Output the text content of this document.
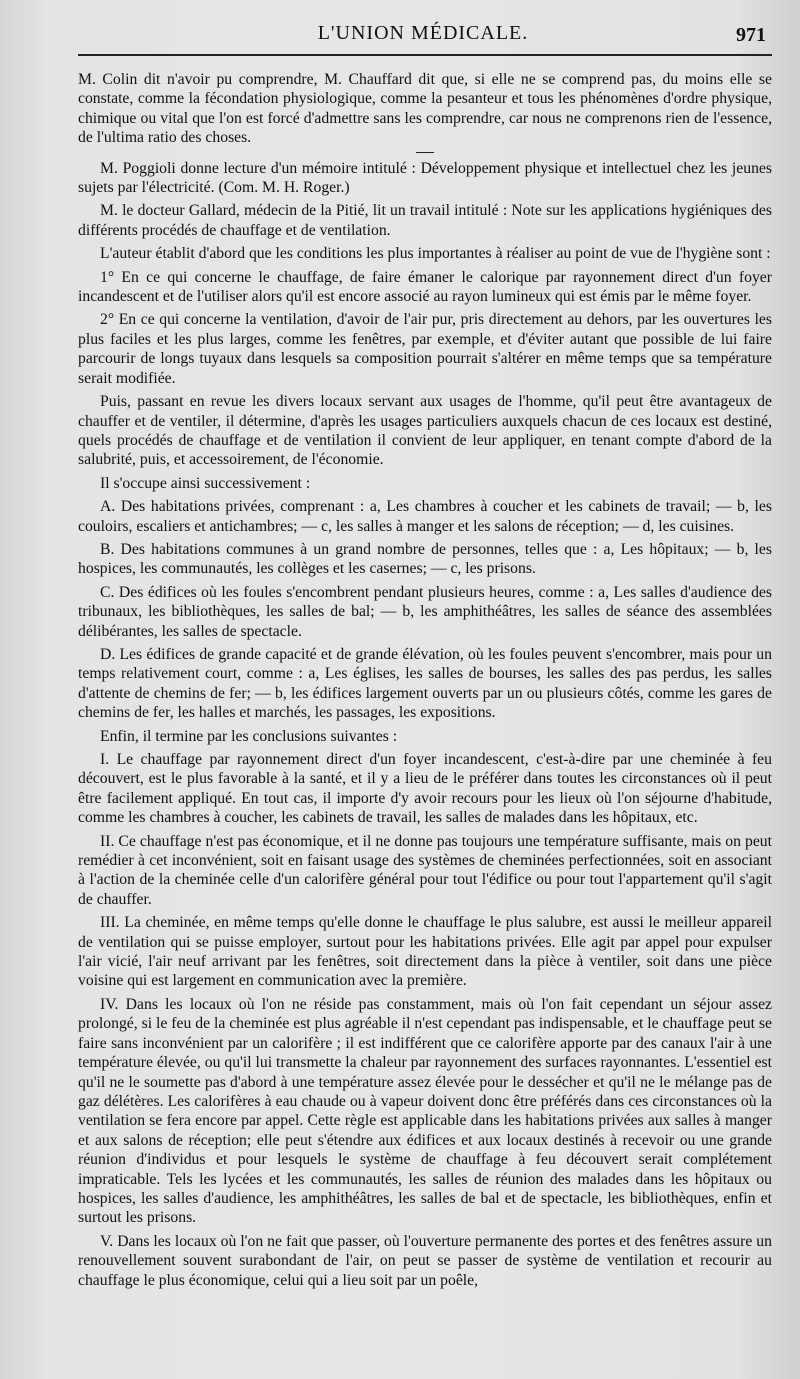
L'UNION MÉDICALE.	971

M. Colin dit n'avoir pu comprendre, M. Chauffard dit que, si elle ne se comprend pas, du moins elle se constate, comme la fécondation physiologique, comme la pesanteur et tous les phénomènes d'ordre physique, chimique ou vital que l'on est forcé d'admettre sans les comprendre, car nous ne comprenons rien de l'essence, de l'ultima ratio des choses.

M. Poggioli donne lecture d'un mémoire intitulé : Développement physique et intellectuel chez les jeunes sujets par l'électricité. (Com. M. H. Roger.)

M. le docteur Gallard, médecin de la Pitié, lit un travail intitulé : Note sur les applications hygiéniques des différents procédés de chauffage et de ventilation.

L'auteur établit d'abord que les conditions les plus importantes à réaliser au point de vue de l'hygiène sont :

1° En ce qui concerne le chauffage, de faire émaner le calorique par rayonnement direct d'un foyer incandescent et de l'utiliser alors qu'il est encore associé au rayon lumineux qui est émis par le même foyer.

2° En ce qui concerne la ventilation, d'avoir de l'air pur, pris directement au dehors, par les ouvertures les plus faciles et les plus larges, comme les fenêtres, par exemple, et d'éviter autant que possible de lui faire parcourir de longs tuyaux dans lesquels sa composition pourrait s'altérer en même temps que sa température serait modifiée.

Puis, passant en revue les divers locaux servant aux usages de l'homme, qu'il peut être avantageux de chauffer et de ventiler, il détermine, d'après les usages particuliers auxquels chacun de ces locaux est destiné, quels procédés de chauffage et de ventilation il convient de leur appliquer, en tenant compte d'abord de la salubrité, puis, et accessoirement, de l'économie.

Il s'occupe ainsi successivement :

A. Des habitations privées, comprenant : a, Les chambres à coucher et les cabinets de travail; — b, les couloirs, escaliers et antichambres; — c, les salles à manger et les salons de réception; — d, les cuisines.

B. Des habitations communes à un grand nombre de personnes, telles que : a, Les hôpitaux; — b, les hospices, les communautés, les collèges et les casernes; — c, les prisons.

C. Des édifices où les foules s'encombrent pendant plusieurs heures, comme : a, Les salles d'audience des tribunaux, les bibliothèques, les salles de bal; — b, les amphithéâtres, les salles de séance des assemblées délibérantes, les salles de spectacle.

D. Les édifices de grande capacité et de grande élévation, où les foules peuvent s'encombrer, mais pour un temps relativement court, comme : a, Les églises, les salles de bourses, les salles des pas perdus, les salles d'attente de chemins de fer; — b, les édifices largement ouverts par un ou plusieurs côtés, comme les gares de chemins de fer, les halles et marchés, les passages, les expositions.

Enfin, il termine par les conclusions suivantes :

I. Le chauffage par rayonnement direct d'un foyer incandescent, c'est-à-dire par une cheminée à feu découvert, est le plus favorable à la santé, et il y a lieu de le préférer dans toutes les circonstances où il peut être facilement appliqué. En tout cas, il importe d'y avoir recours pour les lieux où l'on séjourne d'habitude, comme les chambres à coucher, les cabinets de travail, les salles de malades dans les hôpitaux, etc.

II. Ce chauffage n'est pas économique, et il ne donne pas toujours une température suffisante, mais on peut remédier à cet inconvénient, soit en faisant usage des systèmes de cheminées perfectionnées, soit en associant à l'action de la cheminée celle d'un calorifère général pour tout l'édifice ou pour tout l'appartement qu'il s'agit de chauffer.

III. La cheminée, en même temps qu'elle donne le chauffage le plus salubre, est aussi le meilleur appareil de ventilation qui se puisse employer, surtout pour les habitations privées. Elle agit par appel pour expulser l'air vicié, l'air neuf arrivant par les fenêtres, soit directement dans la pièce à ventiler, soit dans une pièce voisine qui est largement en communication avec la première.

IV. Dans les locaux où l'on ne réside pas constamment, mais où l'on fait cependant un séjour assez prolongé, si le feu de la cheminée est plus agréable il n'est cependant pas indispensable, et le chauffage peut se faire sans inconvénient par un calorifère ; il est indifférent que ce calorifère apporte par des canaux l'air à une température élevée, ou qu'il lui transmette la chaleur par rayonnement des surfaces rayonnantes. L'essentiel est qu'il ne le soumette pas d'abord à une température assez élevée pour le dessécher et qu'il ne le mélange pas de gaz délétères. Les calorifères à eau chaude ou à vapeur doivent donc être préférés dans ces circonstances où la ventilation se fera encore par appel. Cette règle est applicable dans les habitations privées aux salles à manger et aux salons de réception; elle peut s'étendre aux édifices et aux locaux destinés à recevoir ou une grande réunion d'individus et pour lesquels le système de chauffage à feu découvert serait complétement impraticable. Tels les lycées et les communautés, les salles de réunion des malades dans les hôpitaux ou hospices, les salles d'audience, les amphithéâtres, les salles de bal et de spectacle, les bibliothèques, enfin et surtout les prisons.

V. Dans les locaux où l'on ne fait que passer, où l'ouverture permanente des portes et des fenêtres assure un renouvellement souvent surabondant de l'air, on peut se passer de système de ventilation et recourir au chauffage le plus économique, celui qui a lieu soit par un poêle,
